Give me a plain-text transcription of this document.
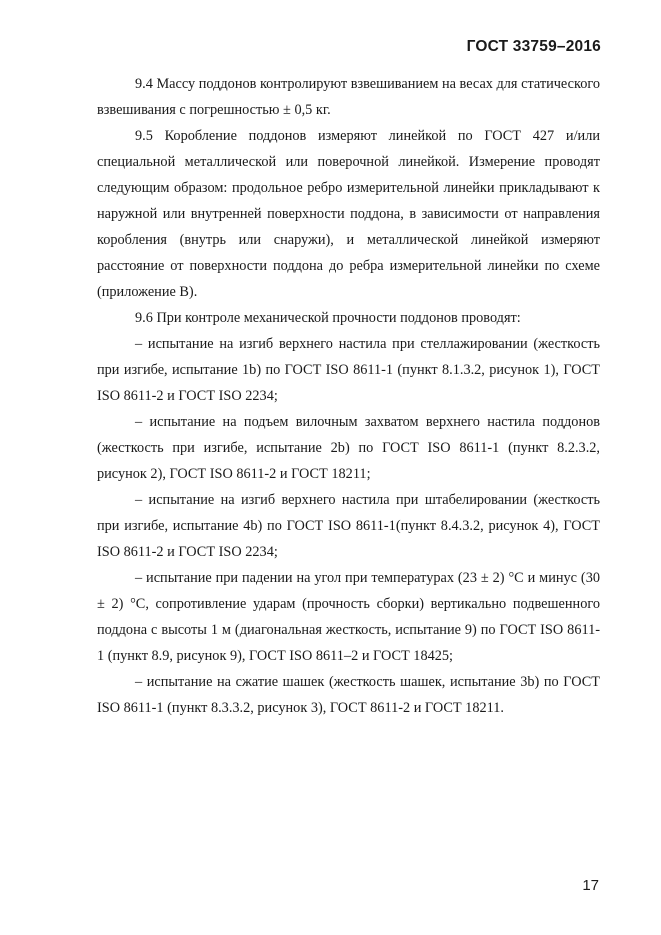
ГОСТ 33759–2016

9.4 Массу поддонов контролируют взвешиванием на весах для статического взвешивания с погрешностью ± 0,5 кг.

9.5 Коробление поддонов измеряют линейкой по ГОСТ 427 и/или специальной металлической или поверочной линейкой. Измерение проводят следующим образом: продольное ребро измерительной линейки прикладывают к наружной или внутренней поверхности поддона, в зависимости от направления коробления (внутрь или снаружи), и металлической линейкой измеряют расстояние от поверхности поддона до ребра измерительной линейки по схеме (приложение В).

9.6 При контроле механической прочности поддонов проводят:

– испытание на изгиб верхнего настила при стеллажировании (жесткость при изгибе, испытание 1b) по ГОСТ ISO 8611-1 (пункт 8.1.3.2, рисунок 1), ГОСТ ISO 8611-2 и ГОСТ ISO 2234;

– испытание на подъем вилочным захватом верхнего настила поддонов (жесткость при изгибе, испытание 2b) по ГОСТ ISO 8611-1 (пункт 8.2.3.2, рисунок 2), ГОСТ ISO 8611-2 и ГОСТ 18211;

– испытание на изгиб верхнего настила при штабелировании (жесткость при изгибе, испытание 4b) по ГОСТ ISO 8611-1(пункт 8.4.3.2, рисунок 4), ГОСТ ISO 8611-2 и ГОСТ ISO 2234;

– испытание при падении на угол при температурах (23 ± 2) °С и минус (30 ± 2) °С, сопротивление ударам (прочность сборки) вертикально подвешенного поддона с высоты 1 м (диагональная жесткость, испытание 9) по ГОСТ ISO 8611-1 (пункт 8.9, рисунок 9), ГОСТ ISO 8611–2 и ГОСТ 18425;

– испытание на сжатие шашек (жесткость шашек, испытание 3b) по ГОСТ ISO 8611-1 (пункт 8.3.3.2, рисунок 3), ГОСТ 8611-2 и ГОСТ 18211.

17
